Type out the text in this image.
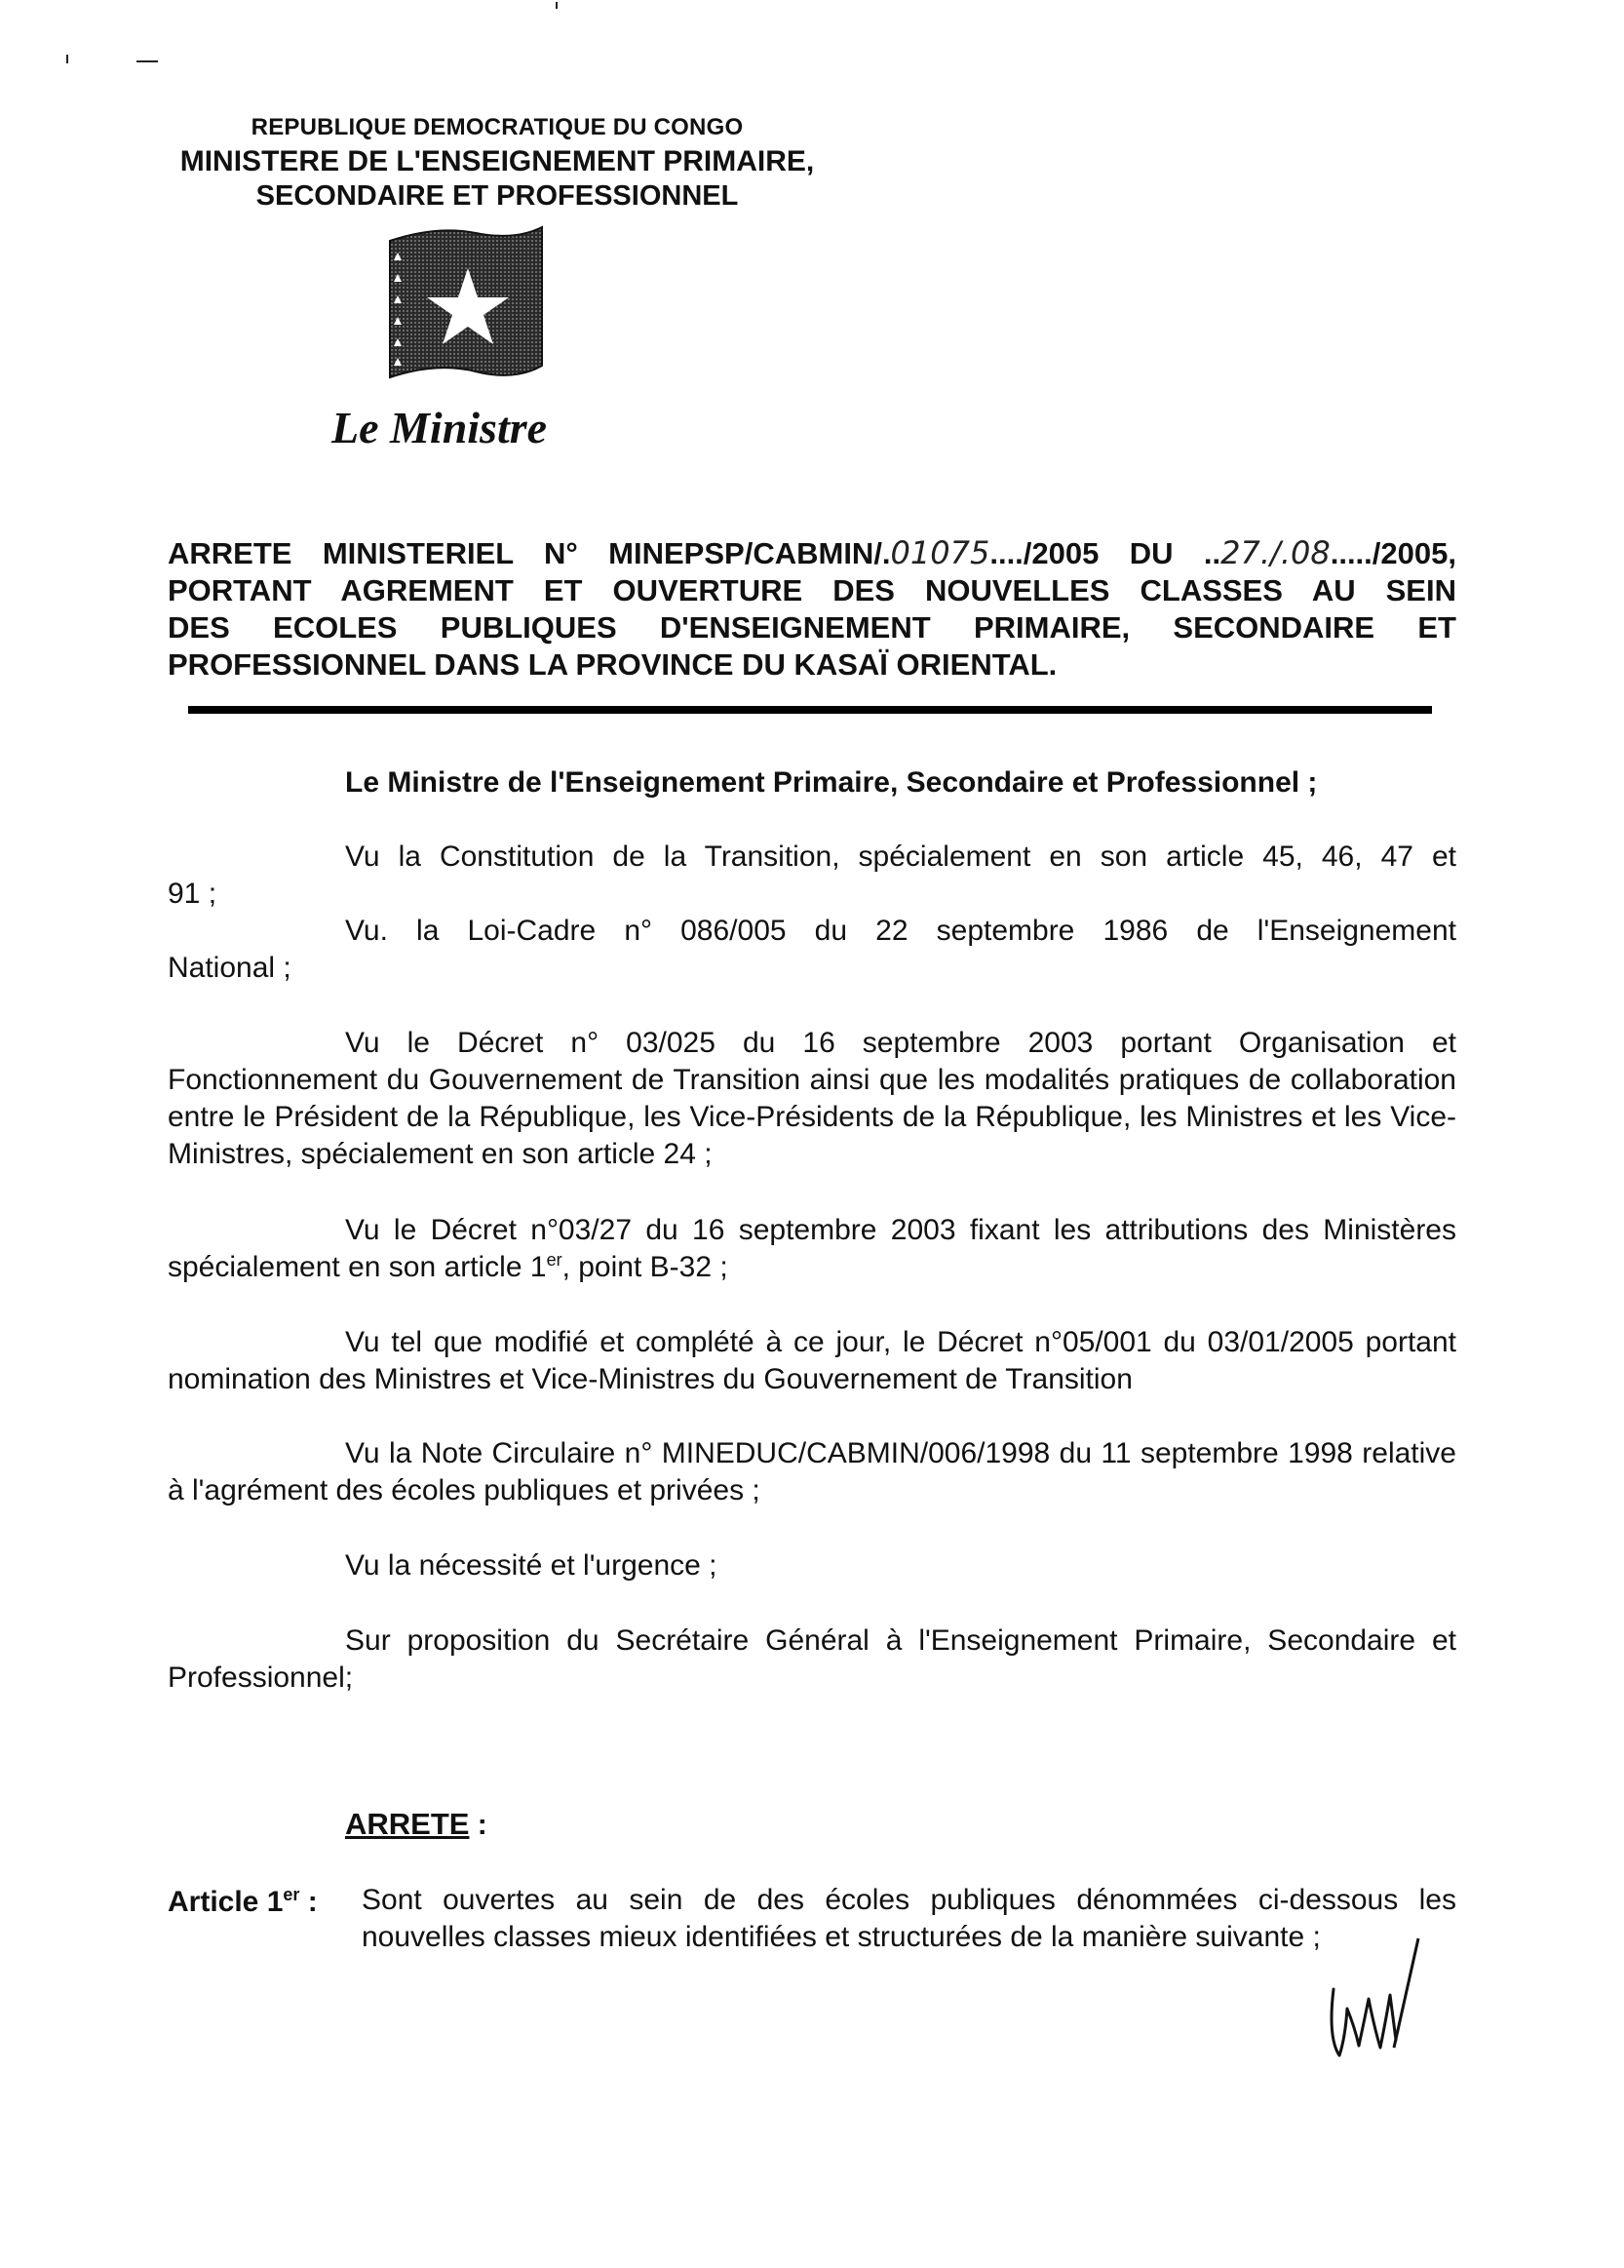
REPUBLIQUE DEMOCRATIQUE DU CONGO
MINISTERE DE L'ENSEIGNEMENT PRIMAIRE,
SECONDAIRE ET PROFESSIONNEL
Le Ministre
ARRETE MINISTERIEL N° MINEPSP/CABMIN/.01075..../2005 DU ..27./.08...../2005,
PORTANT AGREMENT ET OUVERTURE DES NOUVELLES CLASSES AU SEIN
DES ECOLES PUBLIQUES D'ENSEIGNEMENT PRIMAIRE, SECONDAIRE ET
PROFESSIONNEL DANS LA PROVINCE DU KASAÏ ORIENTAL.

Le Ministre de l'Enseignement Primaire, Secondaire et Professionnel ;

Vu la Constitution de la Transition, spécialement en son article 45, 46, 47 et

91 ;

Vu. la Loi-Cadre n° 086/005 du 22 septembre 1986 de l'Enseignement

National ;

Vu le Décret n° 03/025 du 16 septembre 2003 portant Organisation et Fonctionnement du Gouvernement de Transition ainsi que les modalités pratiques de collaboration entre le Président de la République, les Vice-Présidents de la République, les Ministres et les Vice-Ministres, spécialement en son article 24 ;

Vu le Décret n°03/27 du 16 septembre 2003 fixant les attributions des Ministères spécialement en son article 1er, point B-32 ;

Vu tel que modifié et complété à ce jour, le Décret n°05/001 du 03/01/2005 portant nomination des Ministres et Vice-Ministres du Gouvernement de Transition

Vu la Note Circulaire n° MINEDUC/CABMIN/006/1998 du 11 septembre 1998 relative à l'agrément des écoles publiques et privées ;

Vu la nécessité et l'urgence ;

Sur proposition du Secrétaire Général à l'Enseignement Primaire, Secondaire et Professionnel;

ARRETE :

Article 1er : Sont ouvertes au sein de des écoles publiques dénommées ci-dessous les nouvelles classes mieux identifiées et structurées de la manière suivante ;
